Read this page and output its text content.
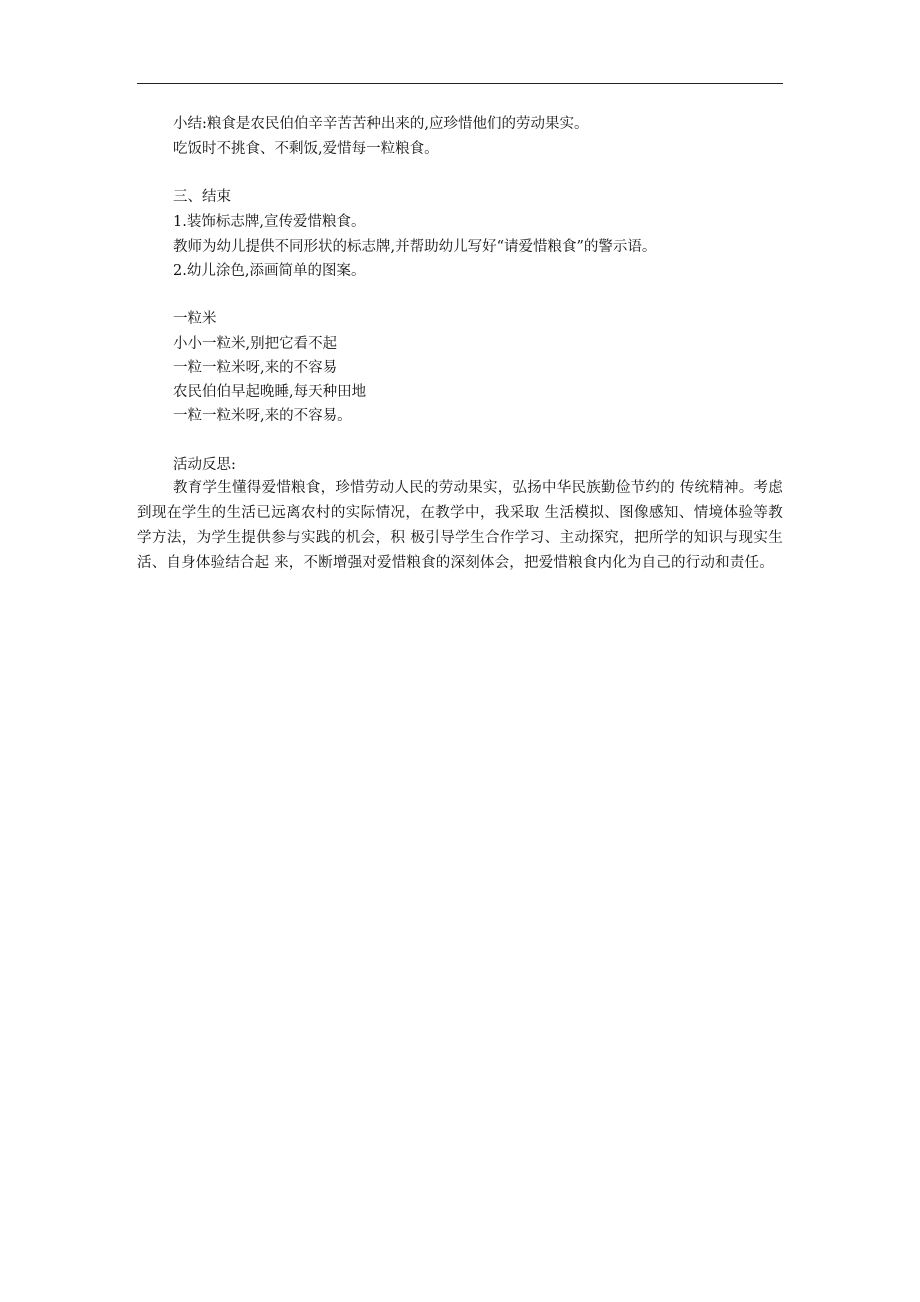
小结:粮食是农民伯伯辛辛苦苦种出来的,应珍惜他们的劳动果实。
吃饭时不挑食、不剩饭,爱惜每一粒粮食。
三、结束
1.装饰标志牌,宣传爱惜粮食。
教师为幼儿提供不同形状的标志牌,并帮助幼儿写好“请爱惜粮食”的警示语。
2.幼儿涂色,添画简单的图案。
一粒米
小小一粒米,别把它看不起
一粒一粒米呀,来的不容易
农民伯伯早起晚睡,每天种田地
一粒一粒米呀,来的不容易。
活动反思:
教育学生懂得爱惜粮食，珍惜劳动人民的劳动果实，弘扬中华民族勤俭节约的 传统精神。考虑到现在学生的生活已远离农村的实际情况，在教学中，我采取 生活模拟、图像感知、情境体验等教学方法，为学生提供参与实践的机会，积 极引导学生合作学习、主动探究，把所学的知识与现实生活、自身体验结合起 来，不断增强对爱惜粮食的深刻体会，把爱惜粮食内化为自己的行动和责任。
